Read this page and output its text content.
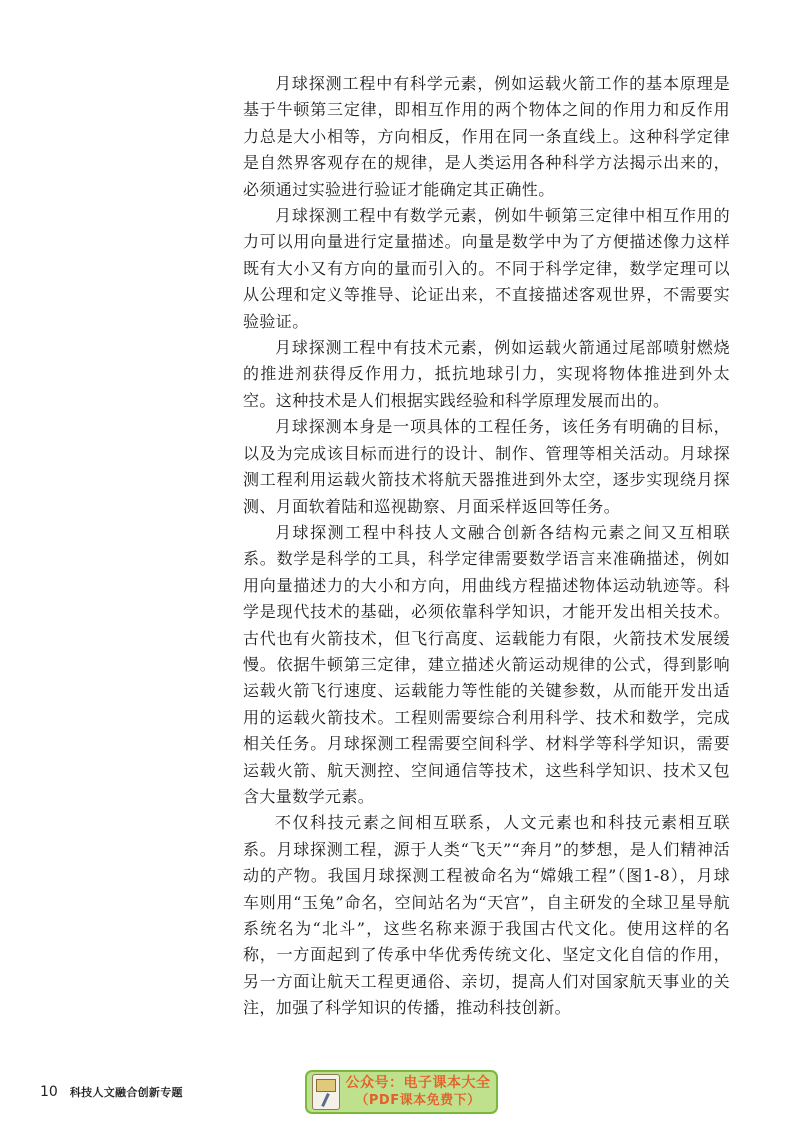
月球探测工程中有科学元素，例如运载火箭工作的基本原理是基于牛顿第三定律，即相互作用的两个物体之间的作用力和反作用力总是大小相等，方向相反，作用在同一条直线上。这种科学定律是自然界客观存在的规律，是人类运用各种科学方法揭示出来的，必须通过实验进行验证才能确定其正确性。

月球探测工程中有数学元素，例如牛顿第三定律中相互作用的力可以用向量进行定量描述。向量是数学中为了方便描述像力这样既有大小又有方向的量而引入的。不同于科学定律，数学定理可以从公理和定义等推导、论证出来，不直接描述客观世界，不需要实验验证。

月球探测工程中有技术元素，例如运载火箭通过尾部喷射燃烧的推进剂获得反作用力，抵抗地球引力，实现将物体推进到外太空。这种技术是人们根据实践经验和科学原理发展而出的。

月球探测本身是一项具体的工程任务，该任务有明确的目标，以及为完成该目标而进行的设计、制作、管理等相关活动。月球探测工程利用运载火箭技术将航天器推进到外太空，逐步实现绕月探测、月面软着陆和巡视勘察、月面采样返回等任务。

月球探测工程中科技人文融合创新各结构元素之间又互相联系。数学是科学的工具，科学定律需要数学语言来准确描述，例如用向量描述力的大小和方向，用曲线方程描述物体运动轨迹等。科学是现代技术的基础，必须依靠科学知识，才能开发出相关技术。古代也有火箭技术，但飞行高度、运载能力有限，火箭技术发展缓慢。依据牛顿第三定律，建立描述火箭运动规律的公式，得到影响运载火箭飞行速度、运载能力等性能的关键参数，从而能开发出适用的运载火箭技术。工程则需要综合利用科学、技术和数学，完成相关任务。月球探测工程需要空间科学、材料学等科学知识，需要运载火箭、航天测控、空间通信等技术，这些科学知识、技术又包含大量数学元素。

不仅科技元素之间相互联系，人文元素也和科技元素相互联系。月球探测工程，源于人类“飞天”“奔月”的梦想，是人们精神活动的产物。我国月球探测工程被命名为“嫦娥工程”（图1-8），月球车则用“玉兔”命名，空间站名为“天宫”，自主研发的全球卫星导航系统名为“北斗”，这些名称来源于我国古代文化。使用这样的名称，一方面起到了传承中华优秀传统文化、坚定文化自信的作用，另一方面让航天工程更通俗、亲切，提高人们对国家航天事业的关注，加强了科学知识的传播，推动科技创新。

10 科技人文融合创新专题
公众号：电子课本大全
（PDF课本免费下）
